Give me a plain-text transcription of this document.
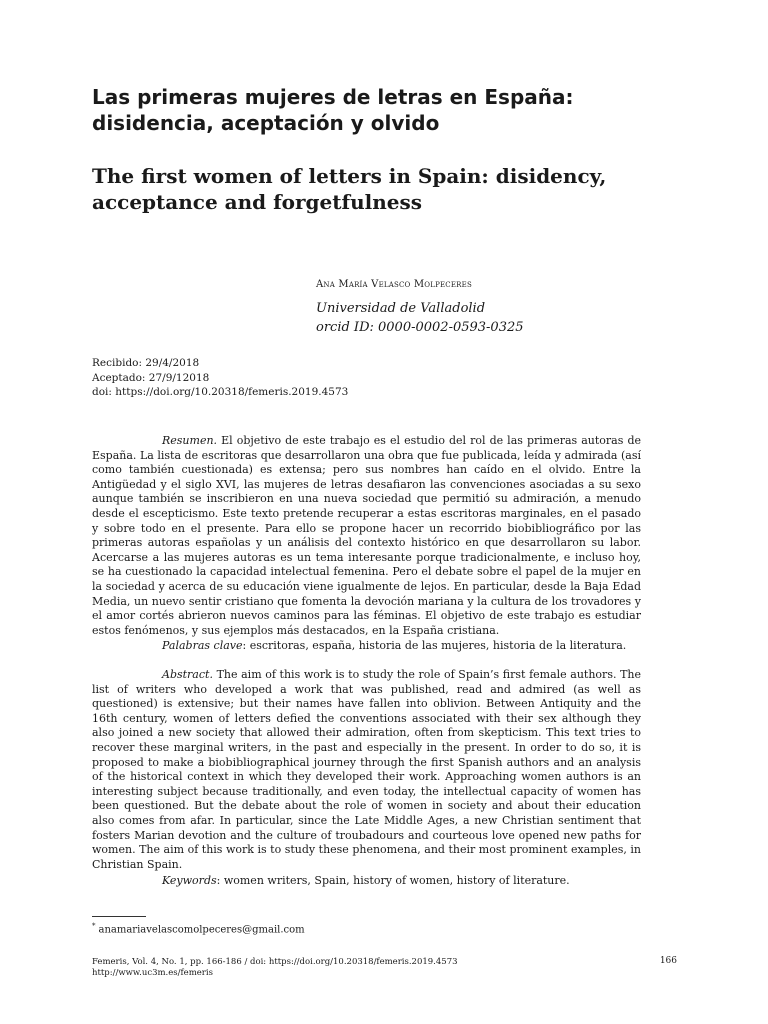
Las primeras mujeres de letras en España: disidencia, aceptación y olvido
The first women of letters in Spain: disidency, acceptance and forgetfulness
Ana María Velasco Molpeceres
Universidad de Valladolid
orcid ID: 0000-0002-0593-0325
Recibido: 29/4/2018
Aceptado: 27/9/12018
doi: https://doi.org/10.20318/femeris.2019.4573

Resumen. El objetivo de este trabajo es el estudio del rol de las primeras autoras de España. La lista de escritoras que desarrollaron una obra que fue publicada, leída y admirada (así como también cuestionada) es extensa; pero sus nombres han caído en el olvido. Entre la Antigüedad y el siglo XVI, las mujeres de letras desafiaron las convenciones asociadas a su sexo aunque también se inscribieron en una nueva sociedad que permitió su admiración, a menudo desde el escepticismo. Este texto pretende recuperar a estas escritoras marginales, en el pasado y sobre todo en el presente. Para ello se propone hacer un recorrido biobibliográfico por las primeras autoras españolas y un análisis del contexto histórico en que desarrollaron su labor. Acercarse a las mujeres autoras es un tema interesante porque tradicionalmente, e incluso hoy, se ha cuestionado la capacidad intelectual femenina. Pero el debate sobre el papel de la mujer en la sociedad y acerca de su educación viene igualmente de lejos. En particular, desde la Baja Edad Media, un nuevo sentir cristiano que fomenta la devoción mariana y la cultura de los trovadores y el amor cortés abrieron nuevos caminos para las féminas. El objetivo de este trabajo es estudiar estos fenómenos, y sus ejemplos más destacados, en la España cristiana.

Palabras clave: escritoras, españa, historia de las mujeres, historia de la literatura.

Abstract. The aim of this work is to study the role of Spain’s first female authors. The list of writers who developed a work that was published, read and admired (as well as questioned) is extensive; but their names have fallen into oblivion. Between Antiquity and the 16th century, women of letters defied the conventions associated with their sex although they also joined a new society that allowed their admiration, often from skepticism. This text tries to recover these marginal writers, in the past and especially in the present. In order to do so, it is proposed to make a biobibliographical journey through the first Spanish authors and an analysis of the historical context in which they developed their work. Approaching women authors is an interesting subject because traditionally, and even today, the intellectual capacity of women has been questioned. But the debate about the role of women in society and about their education also comes from afar. In particular, since the Late Middle Ages, a new Christian sentiment that fosters Marian devotion and the culture of troubadours and courteous love opened new paths for women. The aim of this work is to study these phenomena, and their most prominent examples, in Christian Spain.

Keywords: women writers, Spain, history of women, history of literature.

* anamariavelascomolpeceres@gmail.com
Femeris, Vol. 4, No. 1, pp. 166-186 / doi: https://doi.org/10.20318/femeris.2019.4573
http://www.uc3m.es/femeris
166
